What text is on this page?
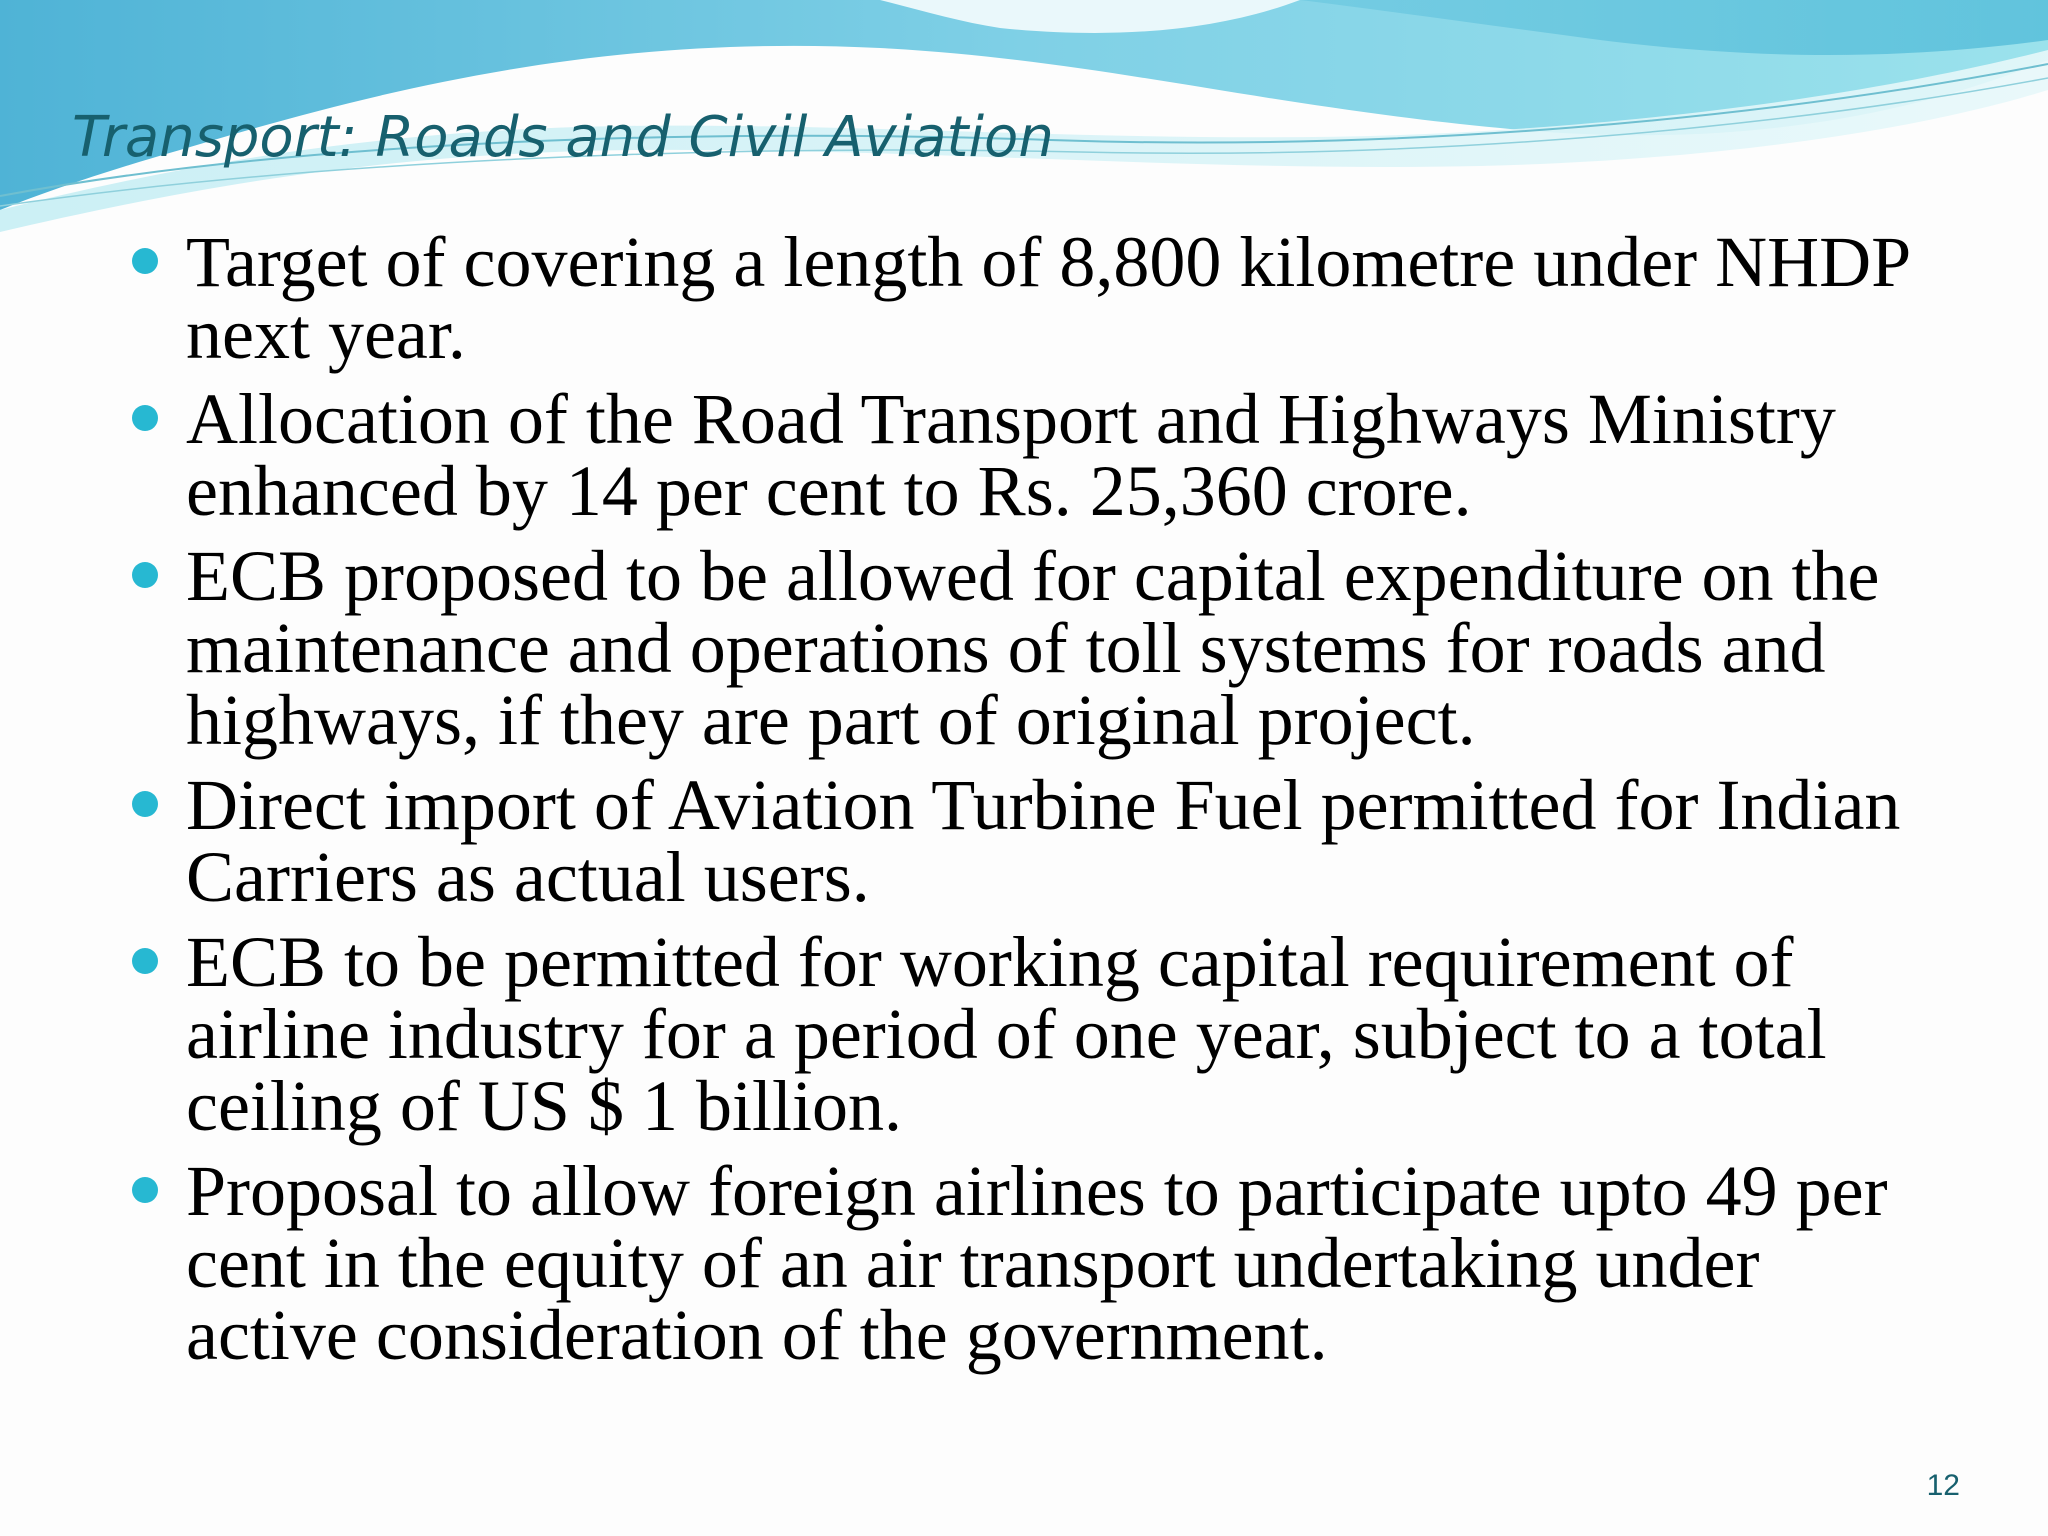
Transport: Roads and Civil Aviation
Target of covering a length of 8,800 kilometre under NHDP next year.
Allocation of the Road Transport and Highways Ministry enhanced by 14 per cent to Rs. 25,360 crore.
ECB proposed to be allowed for capital expenditure on the maintenance and operations of toll systems for roads and highways, if they are part of original project.
Direct import of Aviation Turbine Fuel permitted for Indian Carriers as actual users.
ECB to be permitted for working capital requirement of airline industry for a period of one year, subject to a total ceiling of US $ 1 billion.
Proposal to allow foreign airlines to participate upto 49 per cent in the equity of an air transport undertaking under active consideration of the government.
12
